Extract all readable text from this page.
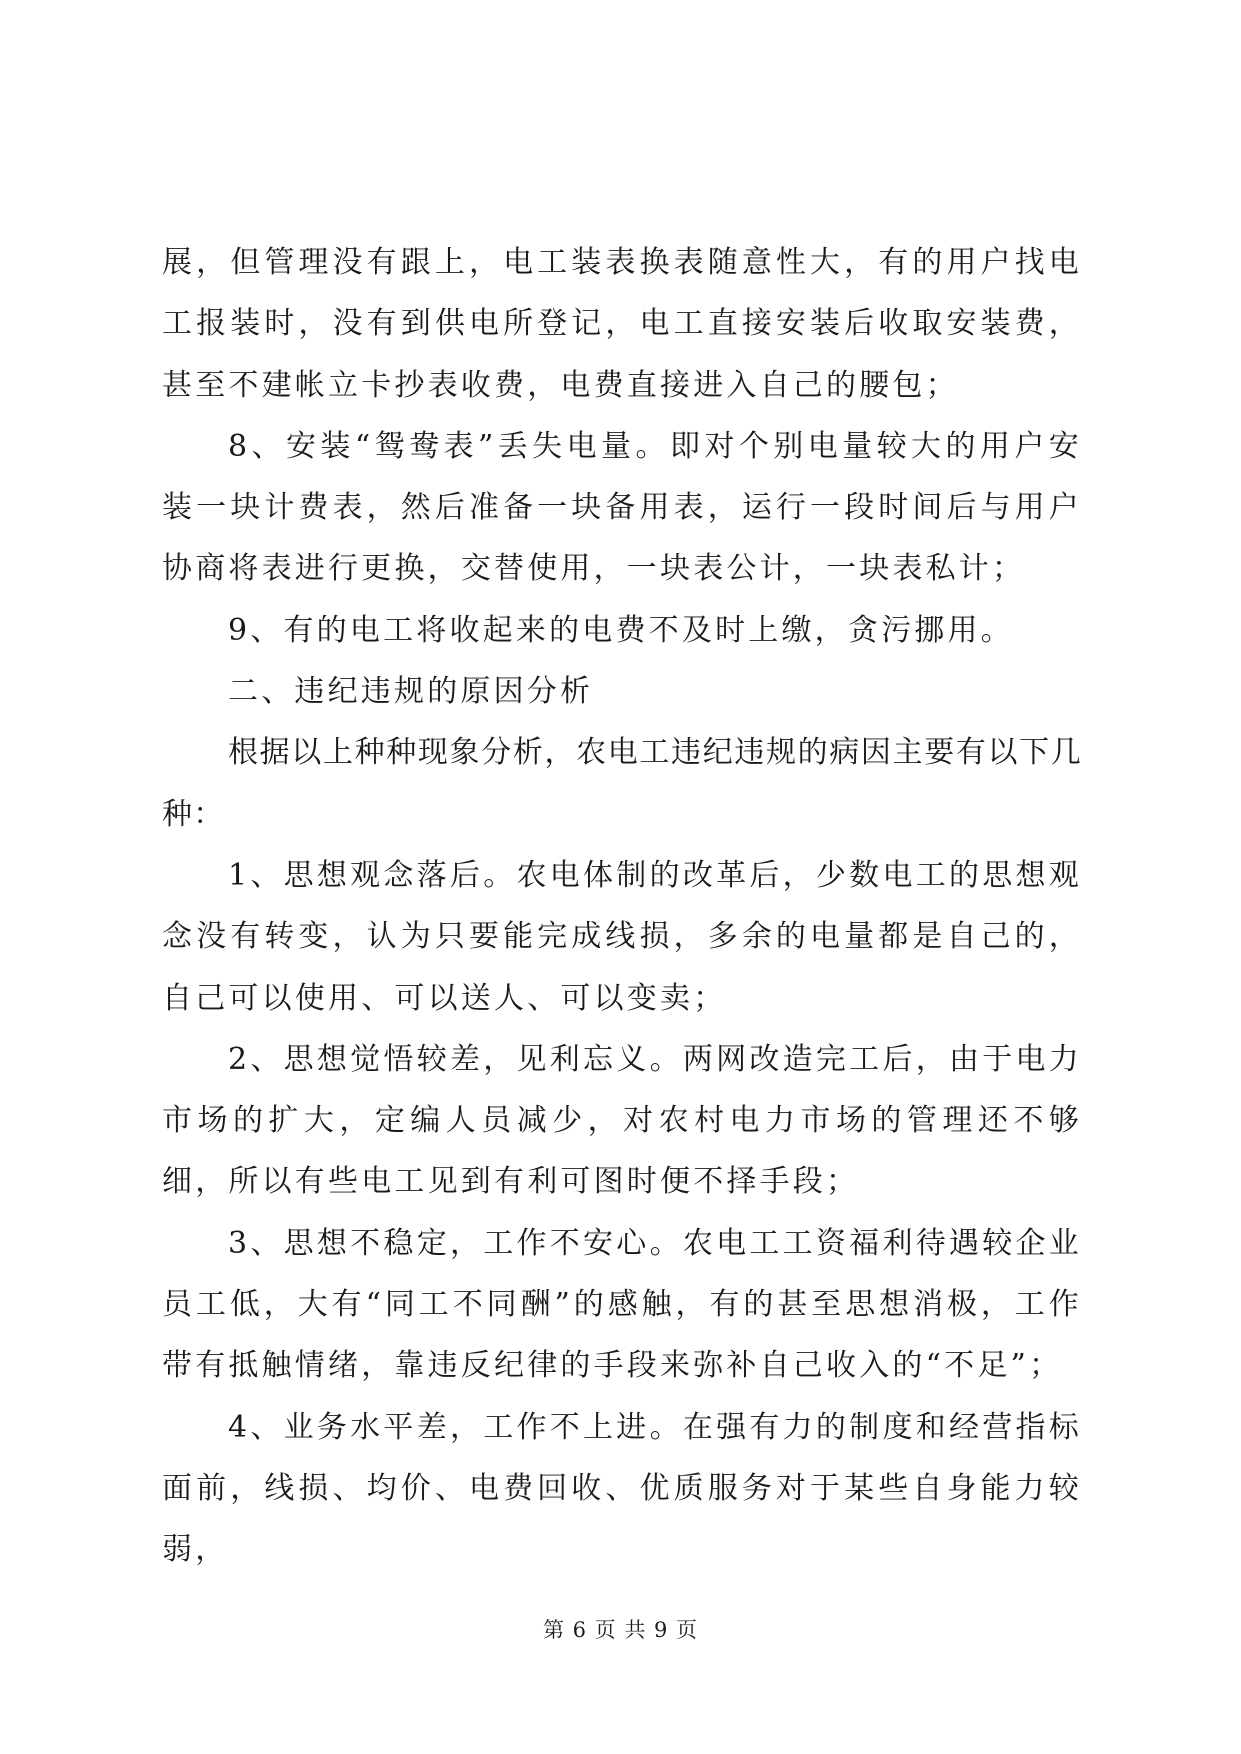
展，但管理没有跟上，电工装表换表随意性大，有的用户找电工报装时，没有到供电所登记，电工直接安装后收取安装费，甚至不建帐立卡抄表收费，电费直接进入自己的腰包；

8、安装“鸳鸯表”丢失电量。即对个别电量较大的用户安装一块计费表，然后准备一块备用表，运行一段时间后与用户协商将表进行更换，交替使用，一块表公计，一块表私计；

9、有的电工将收起来的电费不及时上缴，贪污挪用。

二、违纪违规的原因分析

根据以上种种现象分析，农电工违纪违规的病因主要有以下几种：

1、思想观念落后。农电体制的改革后，少数电工的思想观念没有转变，认为只要能完成线损，多余的电量都是自己的，自己可以使用、可以送人、可以变卖；

2、思想觉悟较差，见利忘义。两网改造完工后，由于电力市场的扩大，定编人员减少，对农村电力市场的管理还不够细，所以有些电工见到有利可图时便不择手段；

3、思想不稳定，工作不安心。农电工工资福利待遇较企业员工低，大有“同工不同酬”的感触，有的甚至思想消极，工作带有抵触情绪，靠违反纪律的手段来弥补自己收入的“不足”；

4、业务水平差，工作不上进。在强有力的制度和经营指标面前，线损、均价、电费回收、优质服务对于某些自身能力较弱，

第 6 页 共 9 页
